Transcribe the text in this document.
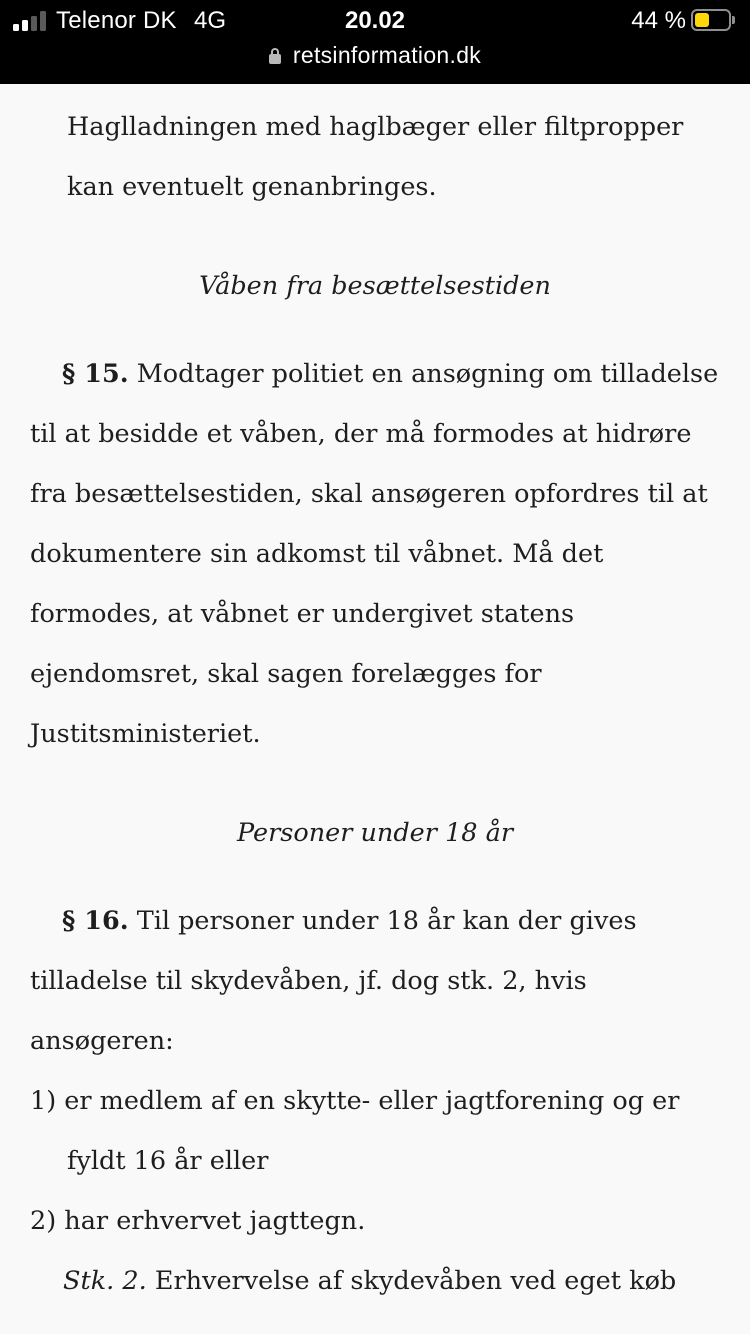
Telenor DK 4G	20.02	44 %
retsinformation.dk
Haglladningen med haglbæger eller filtpropper
kan eventuelt genanbringes.
Våben fra besættelsestiden
§ 15. Modtager politiet en ansøgning om tilladelse
til at besidde et våben, der må formodes at hidrøre
fra besættelsestiden, skal ansøgeren opfordres til at
dokumentere sin adkomst til våbnet. Må det
formodes, at våbnet er undergivet statens
ejendomsret, skal sagen forelægges for
Justitsministeriet.
Personer under 18 år
§ 16. Til personer under 18 år kan der gives
tilladelse til skydevåben, jf. dog stk. 2, hvis
ansøgeren:
1) er medlem af en skytte- eller jagtforening og er
fyldt 16 år eller
2) har erhvervet jagttegn.
Stk. 2. Erhvervelse af skydevåben ved eget køb
